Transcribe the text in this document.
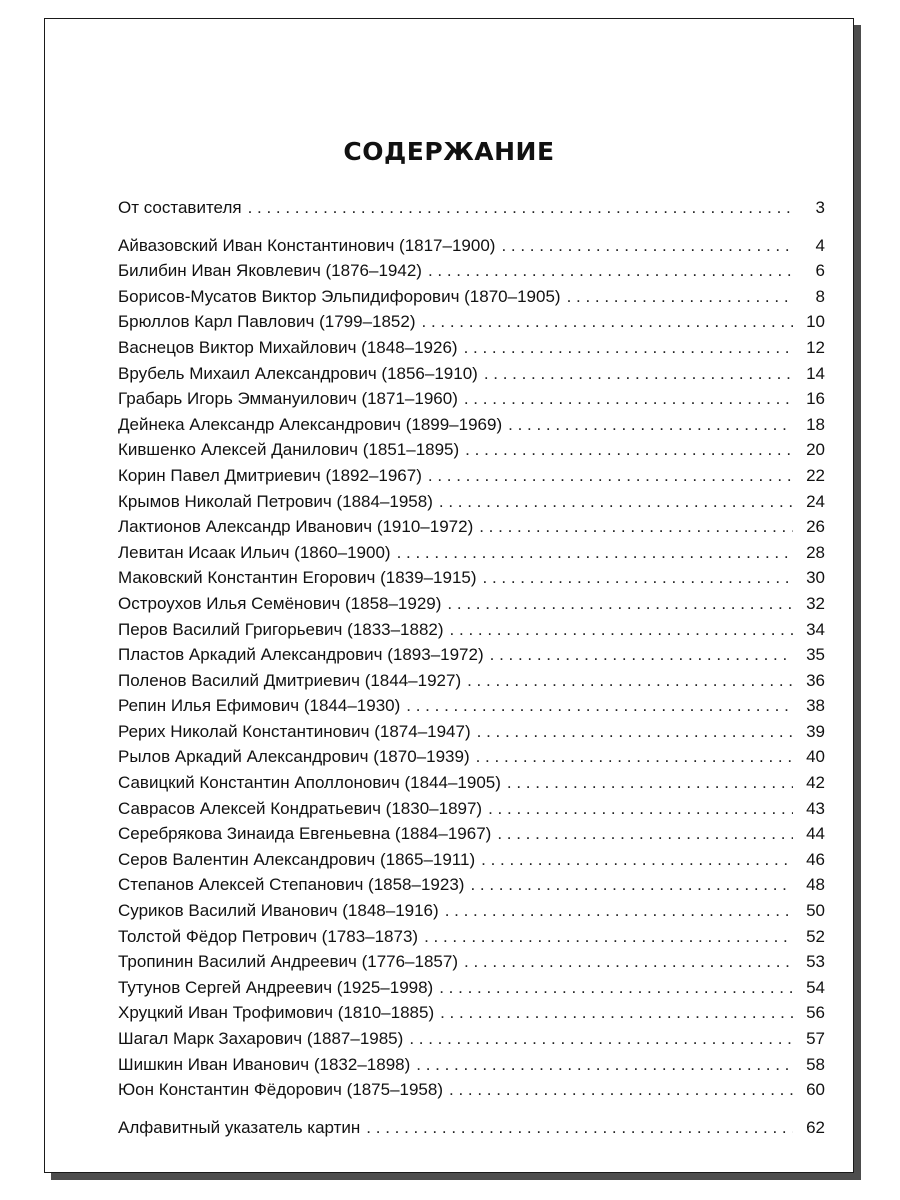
СОДЕРЖАНИЕ
От составителя . . .	3
Айвазовский Иван Константинович (1817–1900) . . .	4
Билибин Иван Яковлевич (1876–1942) . . .	6
Борисов-Мусатов Виктор Эльпидифорович (1870–1905) . . .	8
Брюллов Карл Павлович (1799–1852) . . .	10
Васнецов Виктор Михайлович (1848–1926) . . .	12
Врубель Михаил Александрович (1856–1910) . . .	14
Грабарь Игорь Эммануилович (1871–1960) . . .	16
Дейнека Александр Александрович (1899–1969) . . .	18
Кившенко Алексей Данилович (1851–1895) . . .	20
Корин Павел Дмитриевич (1892–1967) . . .	22
Крымов Николай Петрович (1884–1958) . . .	24
Лактионов Александр Иванович (1910–1972) . . .	26
Левитан Исаак Ильич (1860–1900) . . .	28
Маковский Константин Егорович (1839–1915) . . .	30
Остроухов Илья Семёнович (1858–1929) . . .	32
Перов Василий Григорьевич (1833–1882) . . .	34
Пластов Аркадий Александрович (1893–1972) . . .	35
Поленов Василий Дмитриевич (1844–1927) . . .	36
Репин Илья Ефимович (1844–1930) . . .	38
Рерих Николай Константинович (1874–1947) . . .	39
Рылов Аркадий Александрович (1870–1939) . . .	40
Савицкий Константин Аполлонович (1844–1905) . . .	42
Саврасов Алексей Кондратьевич (1830–1897) . . .	43
Серебрякова Зинаида Евгеньевна (1884–1967) . . .	44
Серов Валентин Александрович (1865–1911) . . .	46
Степанов Алексей Степанович (1858–1923) . . .	48
Суриков Василий Иванович (1848–1916) . . .	50
Толстой Фёдор Петрович (1783–1873) . . .	52
Тропинин Василий Андреевич (1776–1857) . . .	53
Тутунов Сергей Андреевич (1925–1998) . . .	54
Хруцкий Иван Трофимович (1810–1885) . . .	56
Шагал Марк Захарович (1887–1985) . . .	57
Шишкин Иван Иванович (1832–1898) . . .	58
Юон Константин Фёдорович (1875–1958) . . .	60
Алфавитный указатель картин . . .	62
